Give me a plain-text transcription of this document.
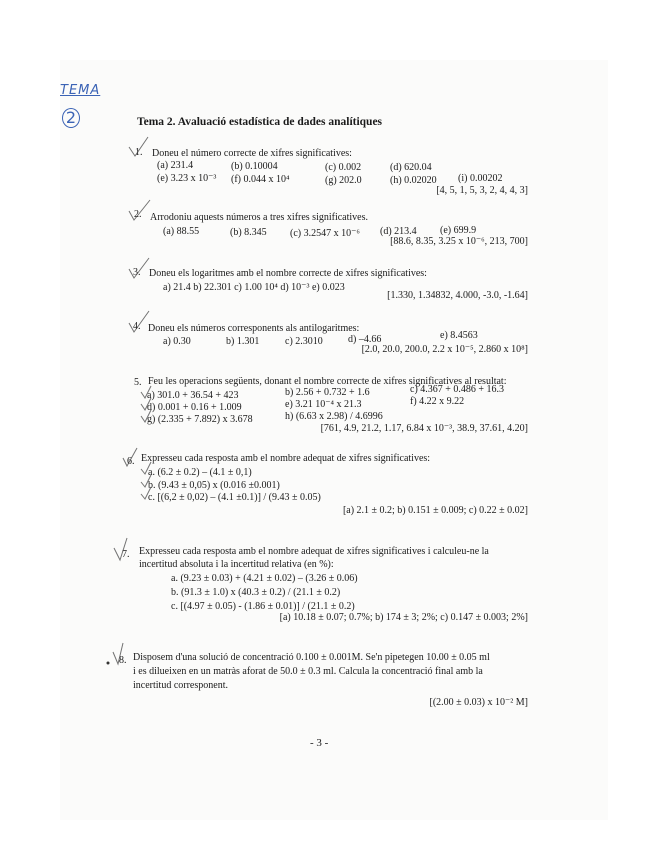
TEMA
2	Tema 2. Avaluació estadística de dades analítiques
1. Doneu el número correcte de xifres significatives:
(a) 231.4	(b) 0.10004	(c) 0.002	(d) 620.04
(e) 3.23 x 10⁻³ (f) 0.044 x 10⁴	(g) 202.0	(h) 0.02020 (i) 0.00202
[4, 5, 1, 5, 3, 2, 4, 4, 3]
2. Arrodoniu aquests números a tres xifres significatives.
(a) 88.55	(b) 8.345 (c) 3.2547 x 10⁻⁶ (d) 213.4 (e) 699.9
[88.6, 8.35, 3.25 x 10⁻⁶, 213, 700]
3. Doneu els logaritmes amb el nombre correcte de xifres significatives:
a) 21.4 b) 22.301 c) 1.00 10⁴ d) 10⁻³ e) 0.023
[1.330, 1.34832, 4.000, -3.0, -1.64]
4. Doneu els números corresponents als antilogaritmes:
a) 0.30	b) 1.301	c) 2.3010	d) –4.66	e) 8.4563
[2.0, 20.0, 200.0, 2.2 x 10⁻⁵, 2.860 x 10⁸]
5. Feu les operacions següents, donant el nombre correcte de xifres significatives al resultat:
a) 301.0 + 36.54 + 423	b) 2.56 + 0.732 + 1.6	c) 4.367 + 0.486 + 16.3
d) 0.001 + 0.16 + 1.009	e) 3.21 10⁻⁴ x 21.3	f) 4.22 x 9.22
g) (2.335 + 7.892) x 3.678	h) (6.63 x 2.98) / 4.6996
[761, 4.9, 21.2, 1.17, 6.84 x 10⁻³, 38.9, 37.61, 4.20]
6. Expresseu cada resposta amb el nombre adequat de xifres significatives:
a. (6.2 ± 0.2) – (4.1 ± 0,1)
b. (9.43 ± 0,05) x (0.016 ±0.001)
c. [(6,2 ± 0,02) – (4.1 ±0.1)] / (9.43 ± 0.05)
[a) 2.1 ± 0.2; b) 0.151 ± 0.009; c) 0.22 ± 0.02]
7. Expresseu cada resposta amb el nombre adequat de xifres significatives i calculeu-ne la
incertitud absoluta i la incertitud relativa (en %):
a. (9.23 ± 0.03) + (4.21 ± 0.02) – (3.26 ± 0.06)
b. (91.3 ± 1.0) x (40.3 ± 0.2) / (21.1 ± 0.2)
c. [(4.97 ± 0.05) - (1.86 ± 0.01)] / (21.1 ± 0.2)
[a) 10.18 ± 0.07; 0.7%; b) 174 ± 3; 2%; c) 0.147 ± 0.003; 2%]
8. Disposem d'una solució de concentració 0.100 ± 0.001M. Se'n pipetegen 10.00 ± 0.05 ml
i es dilueixen en un matràs aforat de 50.0 ± 0.3 ml. Calcula la concentració final amb la
incertitud corresponent.
[(2.00 ± 0.03) x 10⁻² M]
- 3 -
